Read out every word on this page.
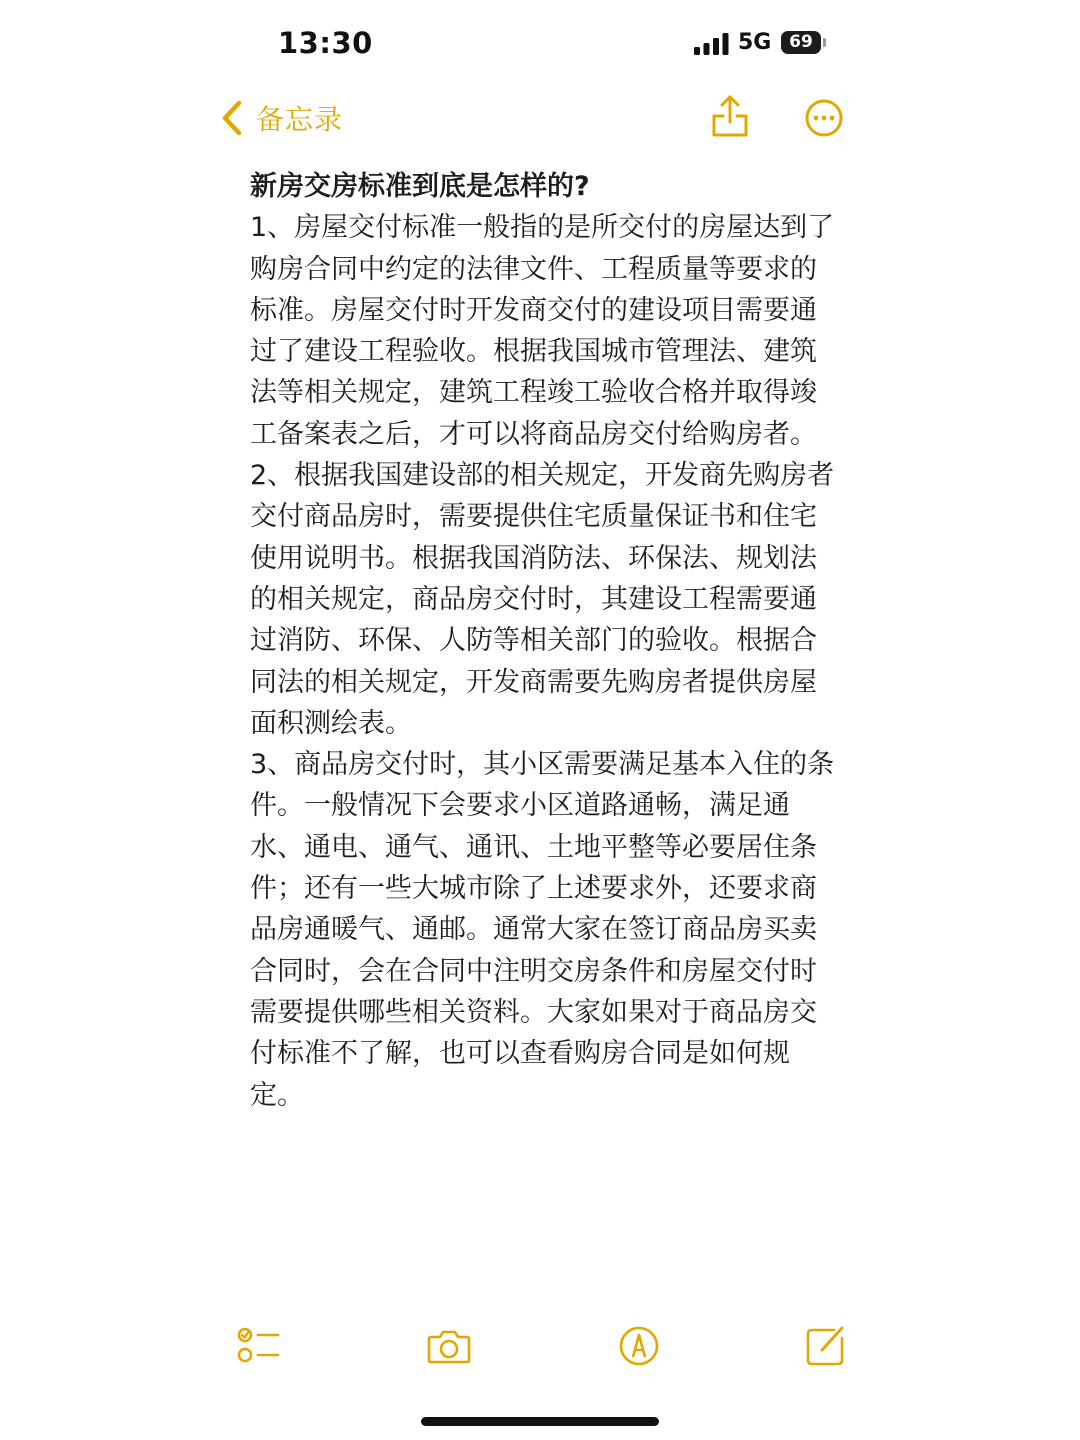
13:30	5G	69
备忘录

新房交房标准到底是怎样的?

1、房屋交付标准一般指的是所交付的房屋达到了购房合同中约定的法律文件、工程质量等要求的标准。房屋交付时开发商交付的建设项目需要通过了建设工程验收。根据我国城市管理法、建筑法等相关规定，建筑工程竣工验收合格并取得竣工备案表之后，才可以将商品房交付给购房者。

2、根据我国建设部的相关规定，开发商先购房者交付商品房时，需要提供住宅质量保证书和住宅使用说明书。根据我国消防法、环保法、规划法的相关规定，商品房交付时，其建设工程需要通过消防、环保、人防等相关部门的验收。根据合同法的相关规定，开发商需要先购房者提供房屋面积测绘表。

3、商品房交付时，其小区需要满足基本入住的条件。一般情况下会要求小区道路通畅，满足通水、通电、通气、通讯、土地平整等必要居住条件；还有一些大城市除了上述要求外，还要求商品房通暖气、通邮。通常大家在签订商品房买卖合同时，会在合同中注明交房条件和房屋交付时需要提供哪些相关资料。大家如果对于商品房交付标准不了解，也可以查看购房合同是如何规定。
